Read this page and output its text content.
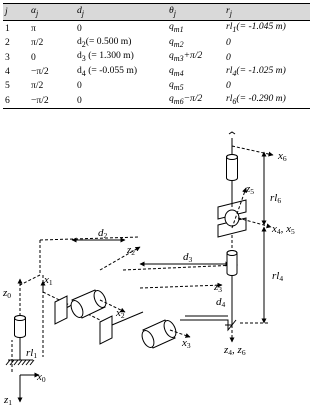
j	$\alpha_j$	$d_j$	$\theta_j$	$r_j$
1	π	0	$q_{m1}$	$rl_1(= -1.045$ m)
2	π/2	$d_2(= 0.500$ m)	$q_{m2}$	0
3	0	$d_3$ (= 1.300 m)	$q_{m3}+\pi/2$	0
4	−π/2	$d_4$ (= -0.055 m)	$q_{m4}$	$rl_4(= -1.025$ m)
5	π/2	0	$q_{m5}$	0
6	−π/2	0	$q_{m6}-\pi/2$	$rl_6(= -0.290$ m)
$x_6$
$z_5$
$rl_6$
$x_4$, $x_5$
$d_2$
$z_2$	$d_3$
$rl_4$
$z_3$
$z_0$
$x_1$
$x_2$
$d_4$
$x_3$	$z_4$, $z_6$
$rl_1$
$x_0$
$z_1$
